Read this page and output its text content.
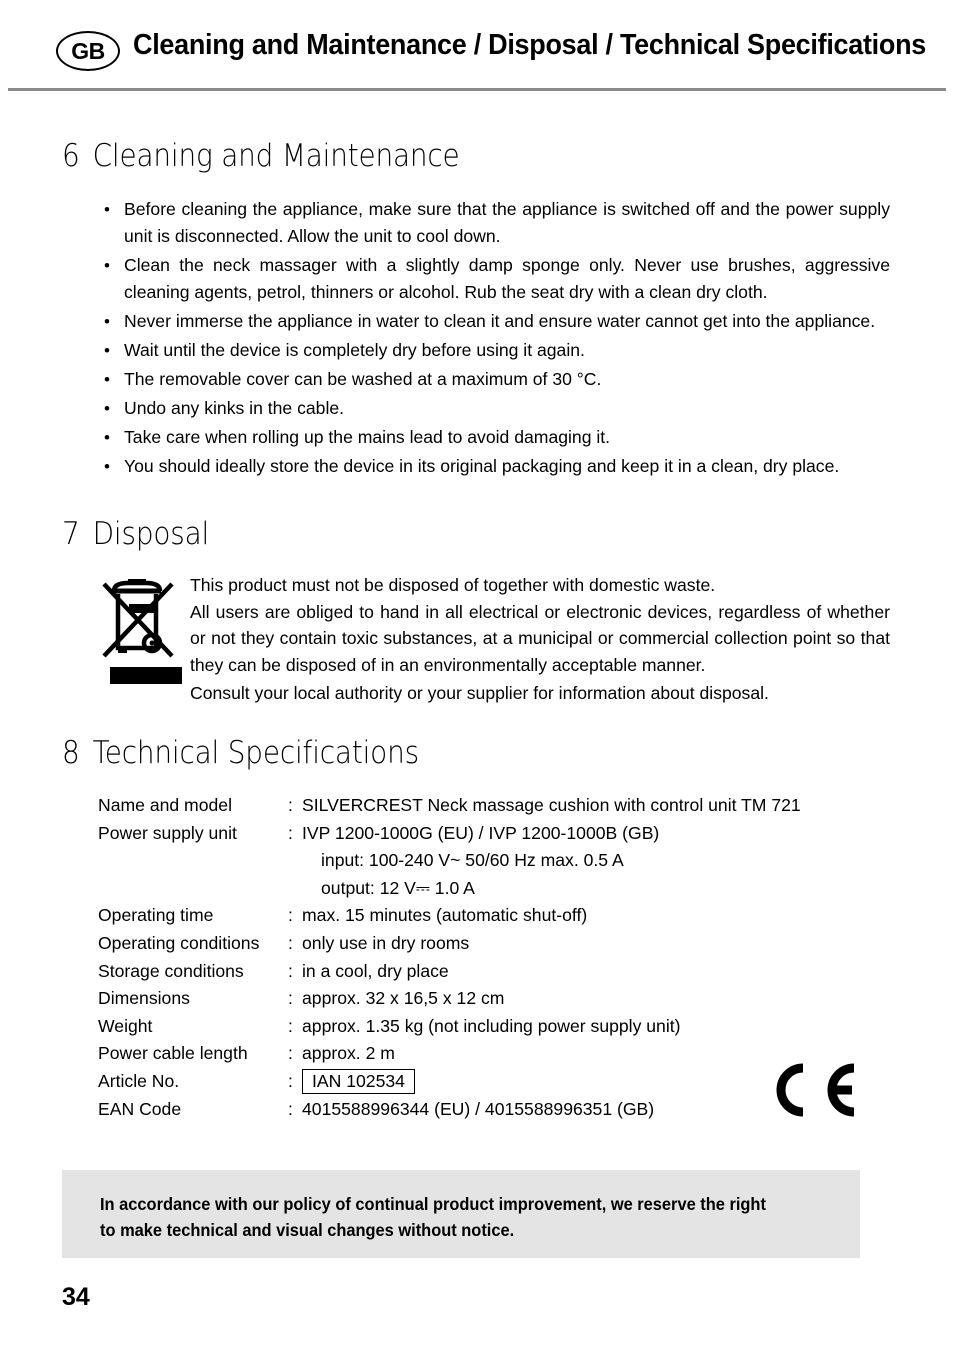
GB Cleaning and Maintenance / Disposal / Technical Specifications
6 Cleaning and Maintenance
• Before cleaning the appliance, make sure that the appliance is switched off and the power supply unit is disconnected. Allow the unit to cool down.
• Clean the neck massager with a slightly damp sponge only. Never use brushes, aggressive cleaning agents, petrol, thinners or alcohol. Rub the seat dry with a clean dry cloth.
• Never immerse the appliance in water to clean it and ensure water cannot get into the appliance.
• Wait until the device is completely dry before using it again.
• The removable cover can be washed at a maximum of 30 °C.
• Undo any kinks in the cable.
• Take care when rolling up the mains lead to avoid damaging it.
• You should ideally store the device in its original packaging and keep it in a clean, dry place.
7 Disposal

This product must not be disposed of together with domestic waste.

All users are obliged to hand in all electrical or electronic devices, regardless of whether or not they contain toxic substances, at a municipal or commercial collection point so that they can be disposed of in an environmentally acceptable manner.

Consult your local authority or your supplier for information about disposal.

8 Technical Specifications
Name and model	: SILVERCREST Neck massage cushion with control unit TM 721
Power supply unit	: IVP 1200-1000G (EU) / IVP 1200-1000B (GB)
input: 100-240 V~ 50/60 Hz max. 0.5 A
output: 12 V⎓ 1.0 A
Operating time	: max. 15 minutes (automatic shut-off)
Operating conditions	: only use in dry rooms
Storage conditions	: in a cool, dry place
Dimensions	: approx. 32 x 16,5 x 12 cm
Weight	: approx. 1.35 kg (not including power supply unit)
Power cable length	: approx. 2 m
Article No.	:	IAN 102534
EAN Code	: 4015588996344 (EU) / 4015588996351 (GB)
In accordance with our policy of continual product improvement, we reserve the right to make technical and visual changes without notice.
34
